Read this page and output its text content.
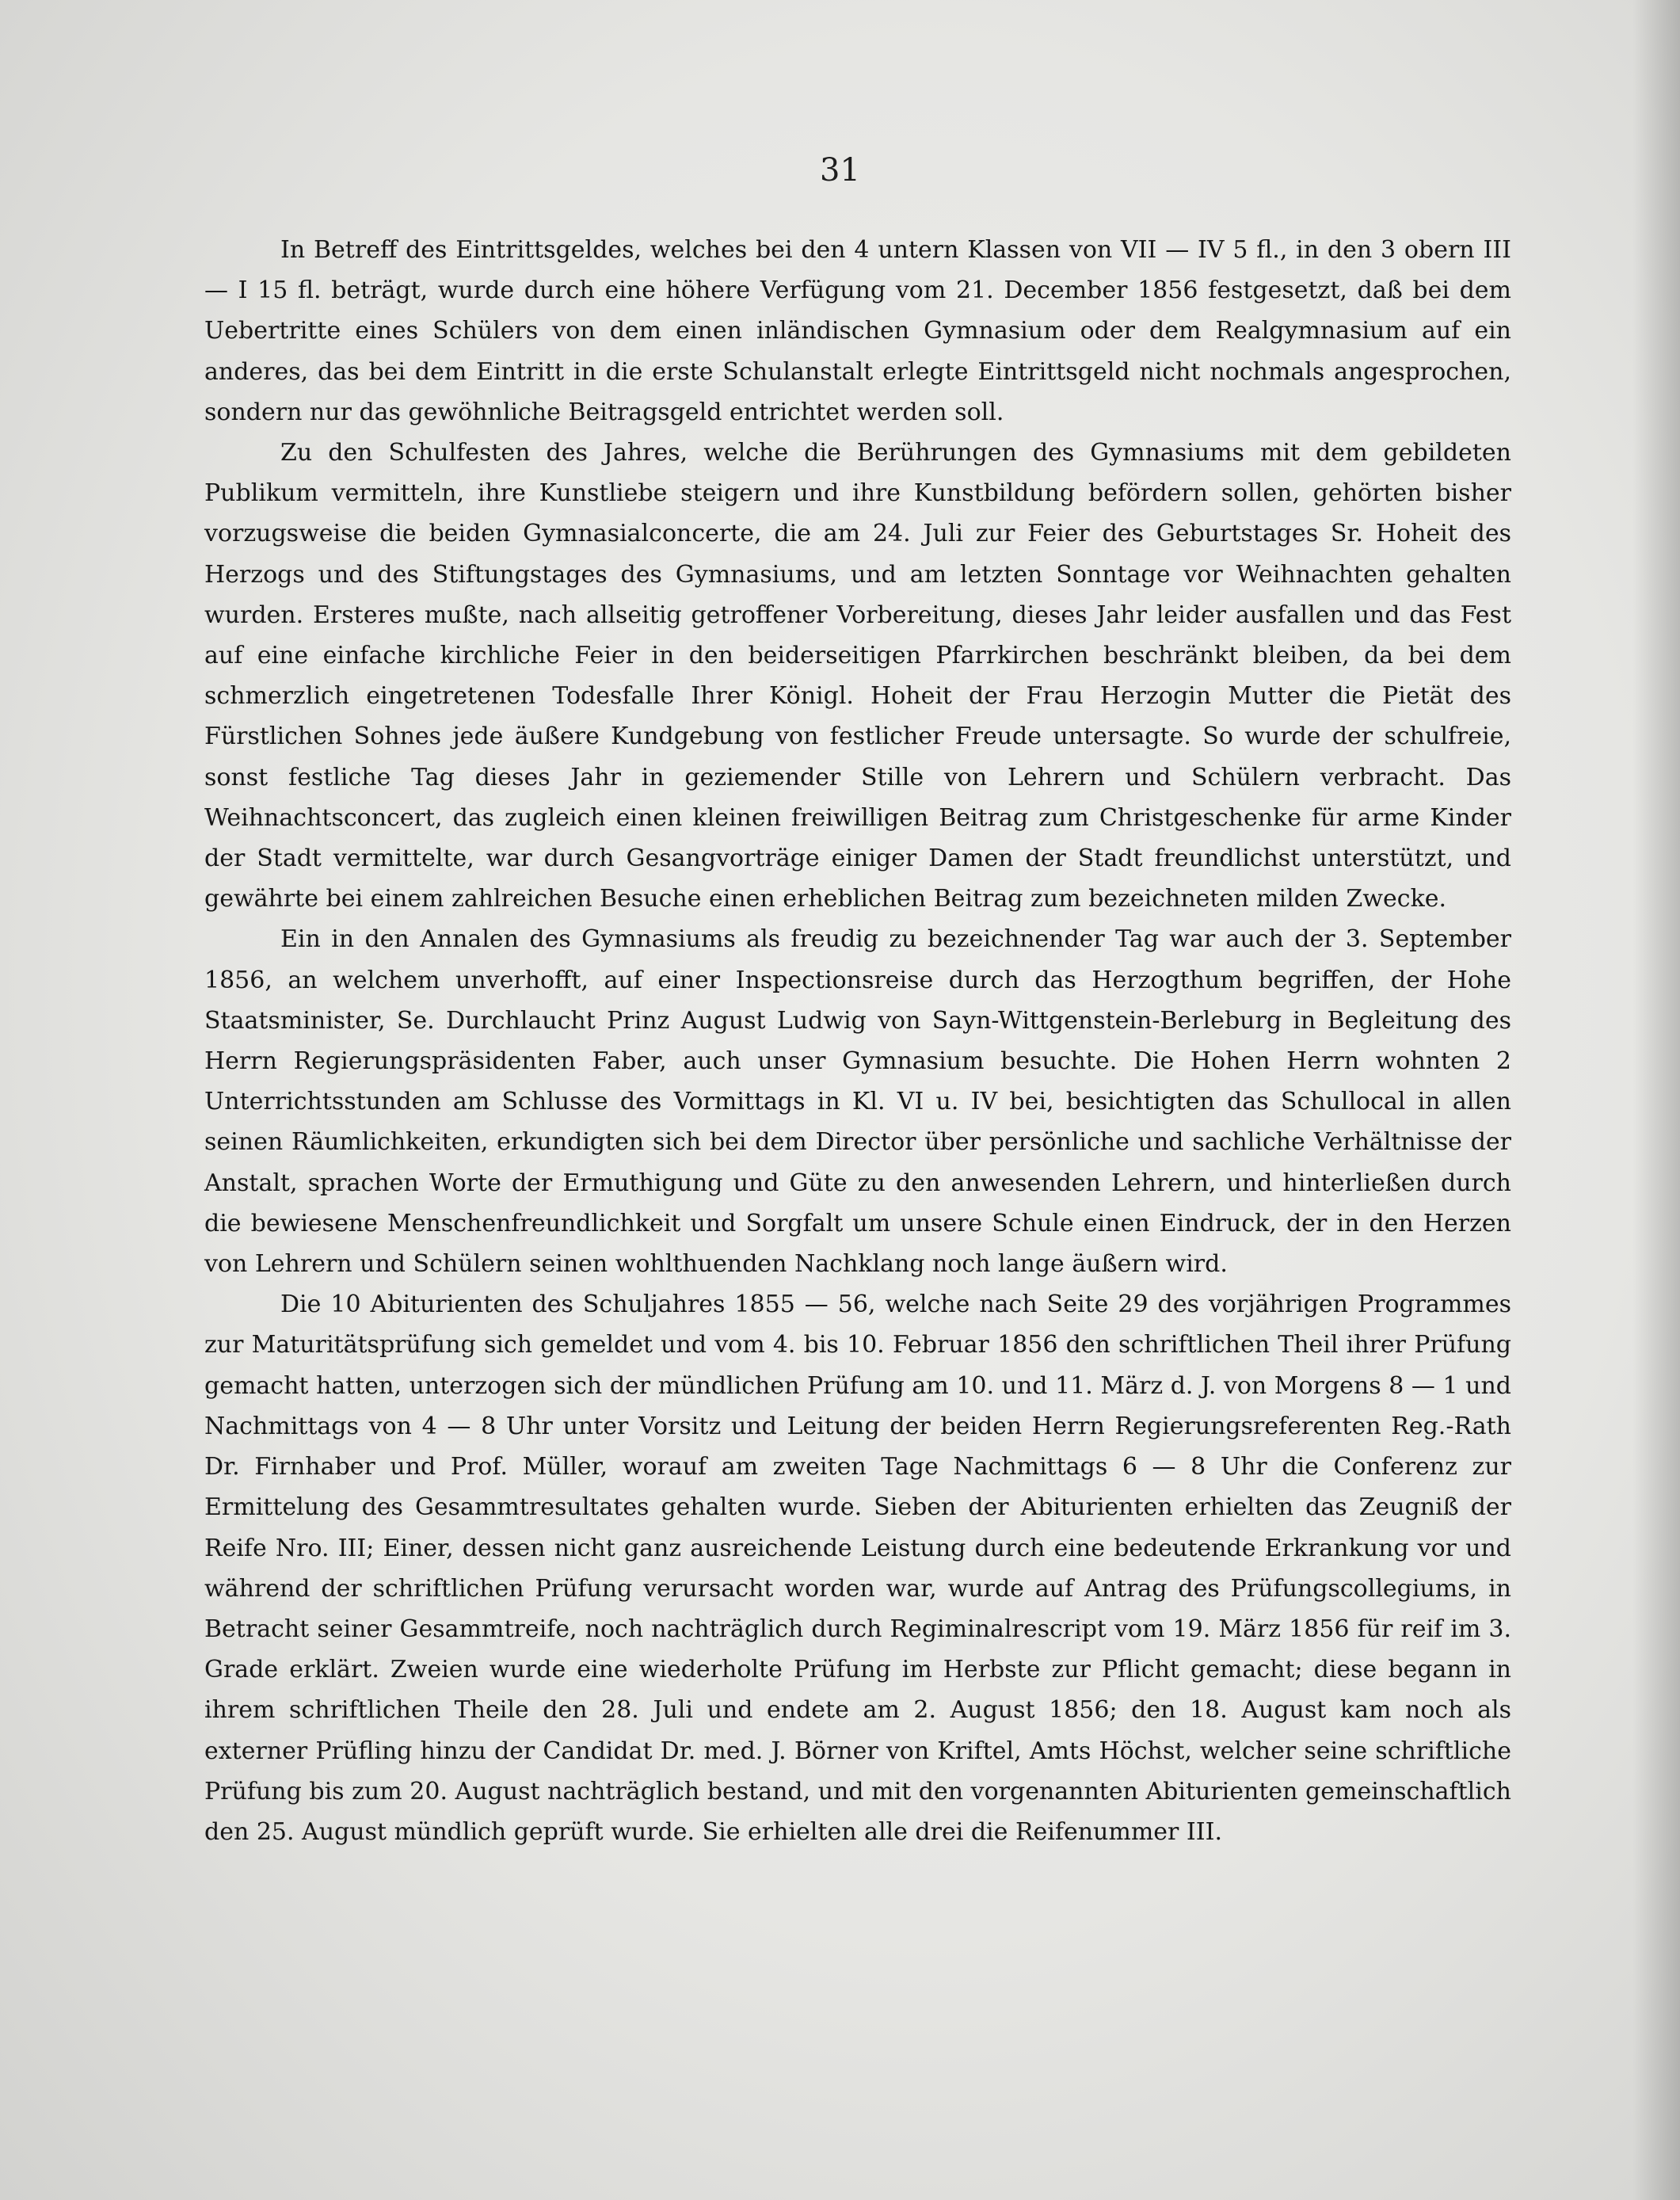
31

In Betreff des Eintrittsgeldes, welches bei den 4 untern Klassen von VII — IV 5 fl., in den 3 obern III — I 15 fl. beträgt, wurde durch eine höhere Verfügung vom 21. December 1856 festgesetzt, daß bei dem Uebertritte eines Schülers von dem einen inländischen Gymnasium oder dem Realgymnasium auf ein anderes, das bei dem Eintritt in die erste Schulanstalt erlegte Eintrittsgeld nicht nochmals angesprochen, sondern nur das gewöhnliche Beitragsgeld entrichtet werden soll.

Zu den Schulfesten des Jahres, welche die Berührungen des Gymnasiums mit dem gebildeten Publikum vermitteln, ihre Kunstliebe steigern und ihre Kunstbildung befördern sollen, gehörten bisher vorzugsweise die beiden Gymnasialconcerte, die am 24. Juli zur Feier des Geburtstages Sr. Hoheit des Herzogs und des Stiftungstages des Gymnasiums, und am letzten Sonntage vor Weihnachten gehalten wurden. Ersteres mußte, nach allseitig getroffener Vorbereitung, dieses Jahr leider ausfallen und das Fest auf eine einfache kirchliche Feier in den beiderseitigen Pfarrkirchen beschränkt bleiben, da bei dem schmerzlich eingetretenen Todesfalle Ihrer Königl. Hoheit der Frau Herzogin Mutter die Pietät des Fürstlichen Sohnes jede äußere Kundgebung von festlicher Freude untersagte. So wurde der schulfreie, sonst festliche Tag dieses Jahr in geziemender Stille von Lehrern und Schülern verbracht. Das Weihnachtsconcert, das zugleich einen kleinen freiwilligen Beitrag zum Christgeschenke für arme Kinder der Stadt vermittelte, war durch Gesangvorträge einiger Damen der Stadt freundlichst unterstützt, und gewährte bei einem zahlreichen Besuche einen erheblichen Beitrag zum bezeichneten milden Zwecke.

Ein in den Annalen des Gymnasiums als freudig zu bezeichnender Tag war auch der 3. September 1856, an welchem unverhofft, auf einer Inspectionsreise durch das Herzogthum begriffen, der Hohe Staatsminister, Se. Durchlaucht Prinz August Ludwig von Sayn-Wittgenstein-Berleburg in Begleitung des Herrn Regierungspräsidenten Faber, auch unser Gymnasium besuchte. Die Hohen Herrn wohnten 2 Unterrichtsstunden am Schlusse des Vormittags in Kl. VI u. IV bei, besichtigten das Schullocal in allen seinen Räumlichkeiten, erkundigten sich bei dem Director über persönliche und sachliche Verhältnisse der Anstalt, sprachen Worte der Ermuthigung und Güte zu den anwesenden Lehrern, und hinterließen durch die bewiesene Menschenfreundlichkeit und Sorgfalt um unsere Schule einen Eindruck, der in den Herzen von Lehrern und Schülern seinen wohlthuenden Nachklang noch lange äußern wird.

Die 10 Abiturienten des Schuljahres 1855 — 56, welche nach Seite 29 des vorjährigen Programmes zur Maturitätsprüfung sich gemeldet und vom 4. bis 10. Februar 1856 den schriftlichen Theil ihrer Prüfung gemacht hatten, unterzogen sich der mündlichen Prüfung am 10. und 11. März d. J. von Morgens 8 — 1 und Nachmittags von 4 — 8 Uhr unter Vorsitz und Leitung der beiden Herrn Regierungsreferenten Reg.-Rath Dr. Firnhaber und Prof. Müller, worauf am zweiten Tage Nachmittags 6 — 8 Uhr die Conferenz zur Ermittelung des Gesammtresultates gehalten wurde. Sieben der Abiturienten erhielten das Zeugniß der Reife Nro. III; Einer, dessen nicht ganz ausreichende Leistung durch eine bedeutende Erkrankung vor und während der schriftlichen Prüfung verursacht worden war, wurde auf Antrag des Prüfungscollegiums, in Betracht seiner Gesammtreife, noch nachträglich durch Regiminalrescript vom 19. März 1856 für reif im 3. Grade erklärt. Zweien wurde eine wiederholte Prüfung im Herbste zur Pflicht gemacht; diese begann in ihrem schriftlichen Theile den 28. Juli und endete am 2. August 1856; den 18. August kam noch als externer Prüfling hinzu der Candidat Dr. med. J. Börner von Kriftel, Amts Höchst, welcher seine schriftliche Prüfung bis zum 20. August nachträglich bestand, und mit den vorgenannten Abiturienten gemeinschaftlich den 25. August mündlich geprüft wurde. Sie erhielten alle drei die Reifenummer III.
